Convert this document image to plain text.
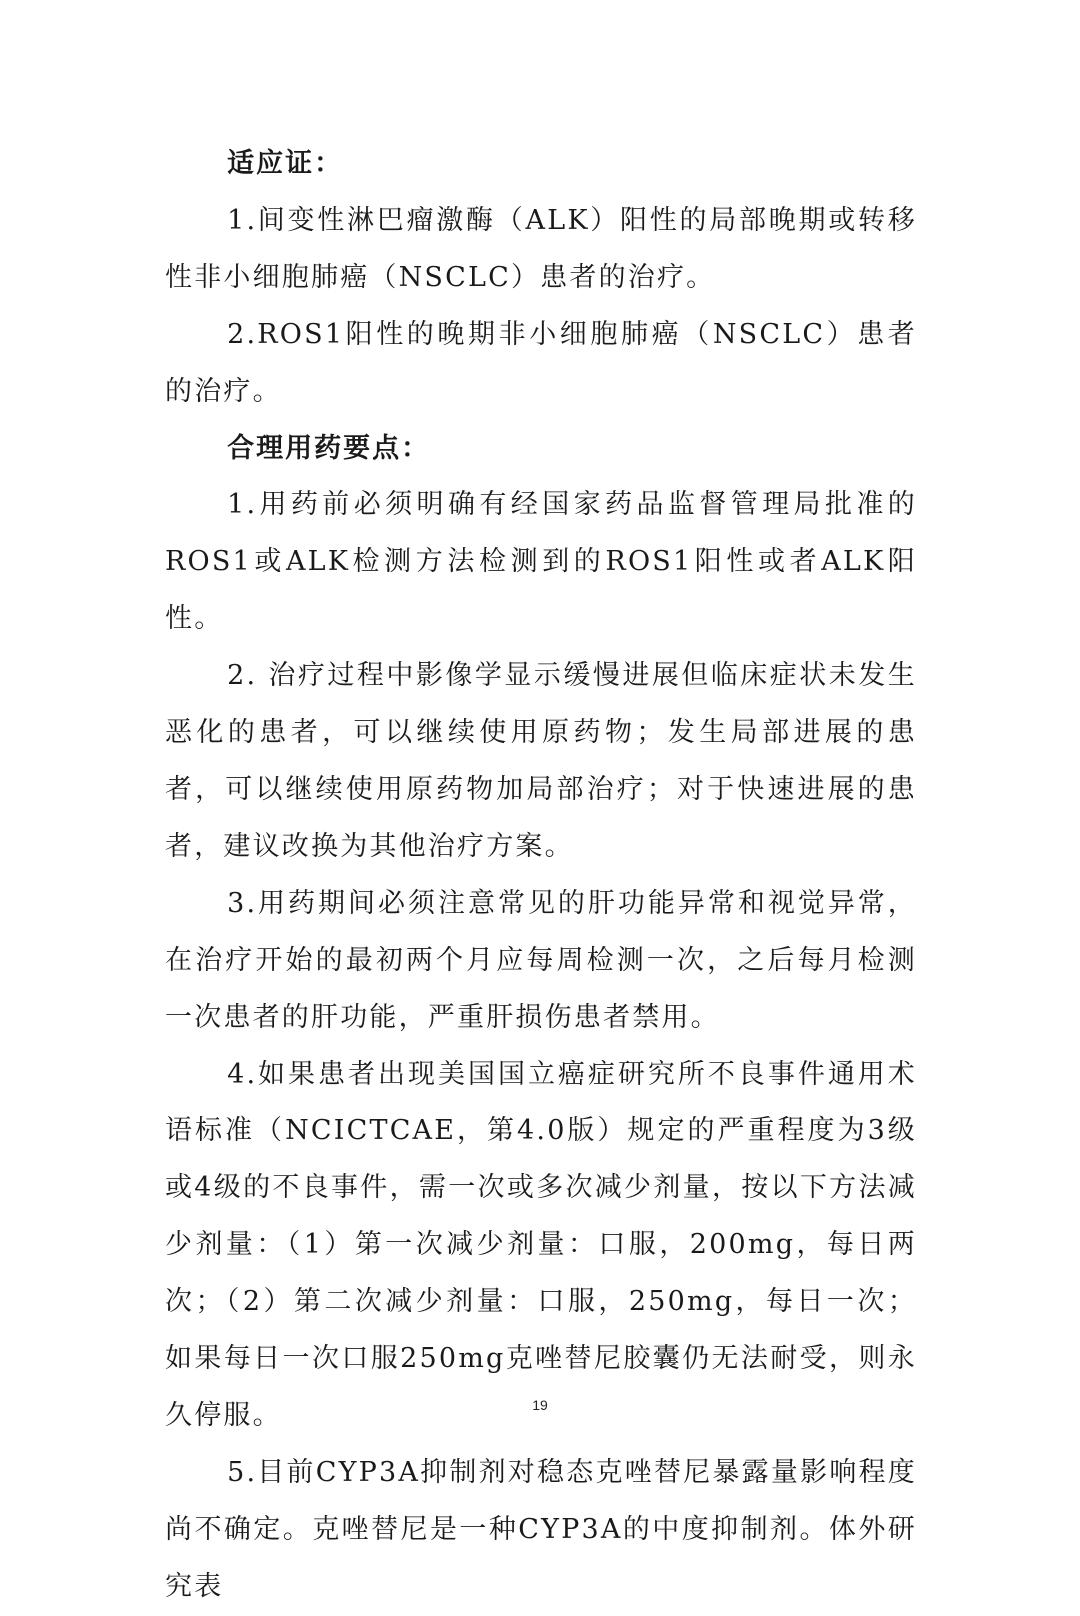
适应证：

1.间变性淋巴瘤激酶（ALK）阳性的局部晚期或转移性非小细胞肺癌（NSCLC）患者的治疗。

2.ROS1阳性的晚期非小细胞肺癌（NSCLC）患者的治疗。

合理用药要点：

1.用药前必须明确有经国家药品监督管理局批准的ROS1或ALK检测方法检测到的ROS1阳性或者ALK阳性。

2. 治疗过程中影像学显示缓慢进展但临床症状未发生恶化的患者，可以继续使用原药物；发生局部进展的患者，可以继续使用原药物加局部治疗；对于快速进展的患者，建议改换为其他治疗方案。

3.用药期间必须注意常见的肝功能异常和视觉异常，在治疗开始的最初两个月应每周检测一次，之后每月检测一次患者的肝功能，严重肝损伤患者禁用。

4.如果患者出现美国国立癌症研究所不良事件通用术语标准（NCICTCAE，第4.0版）规定的严重程度为3级或4级的不良事件，需一次或多次减少剂量，按以下方法减少剂量：（1）第一次减少剂量：口服，200mg，每日两次；（2）第二次减少剂量：口服，250mg，每日一次；如果每日一次口服250mg克唑替尼胶囊仍无法耐受，则永久停服。

5.目前CYP3A抑制剂对稳态克唑替尼暴露量影响程度尚不确定。克唑替尼是一种CYP3A的中度抑制剂。体外研究表

19
